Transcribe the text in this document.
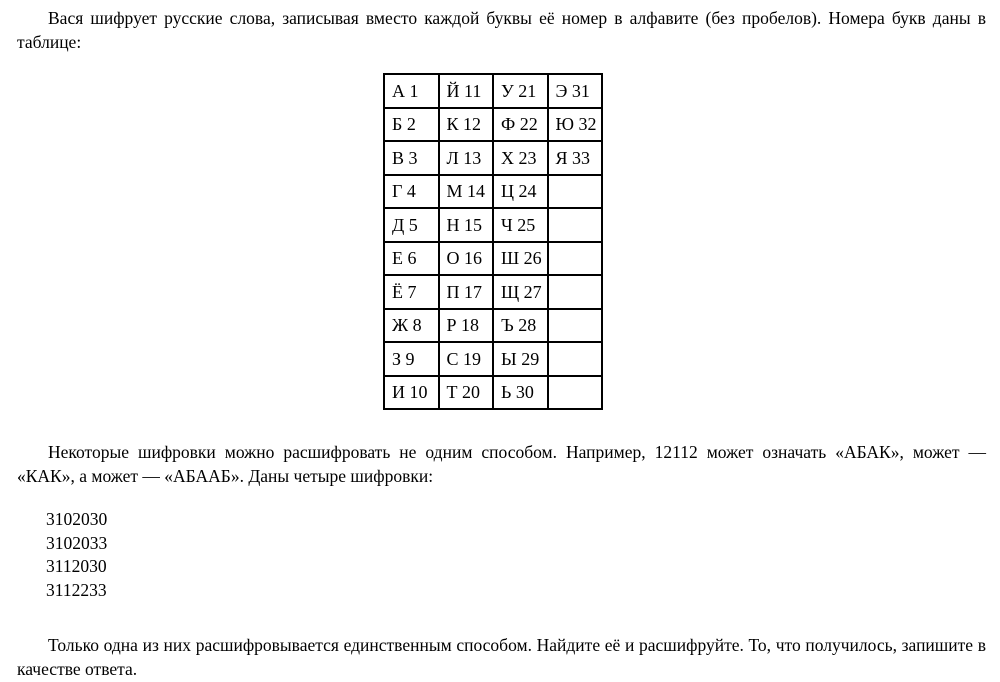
Вася шифрует русские слова, записывая вместо каждой буквы её номер в алфавите (без пробелов). Номера букв даны в таблице:

А 1	Й 11	У 21	Э 31
Б 2	К 12	Ф 22	Ю 32
В 3	Л 13	Х 23	Я 33
Г 4	М 14	Ц 24	
Д 5	Н 15	Ч 25	
Е 6	О 16	Ш 26	
Ё 7	П 17	Щ 27	
Ж 8	Р 18	Ъ 28	
З 9	С 19	Ы 29	
И 10	Т 20	Ь 30	

Некоторые шифровки можно расшифровать не одним способом. Например, 12112 может означать «АБАК», может — «КАК», а может — «АБААБ». Даны четыре шифровки:

3102030
3102033
3112030
3112233

Только одна из них расшифровывается единственным способом. Найдите её и расшифруйте. То, что получилось, запишите в качестве ответа.
